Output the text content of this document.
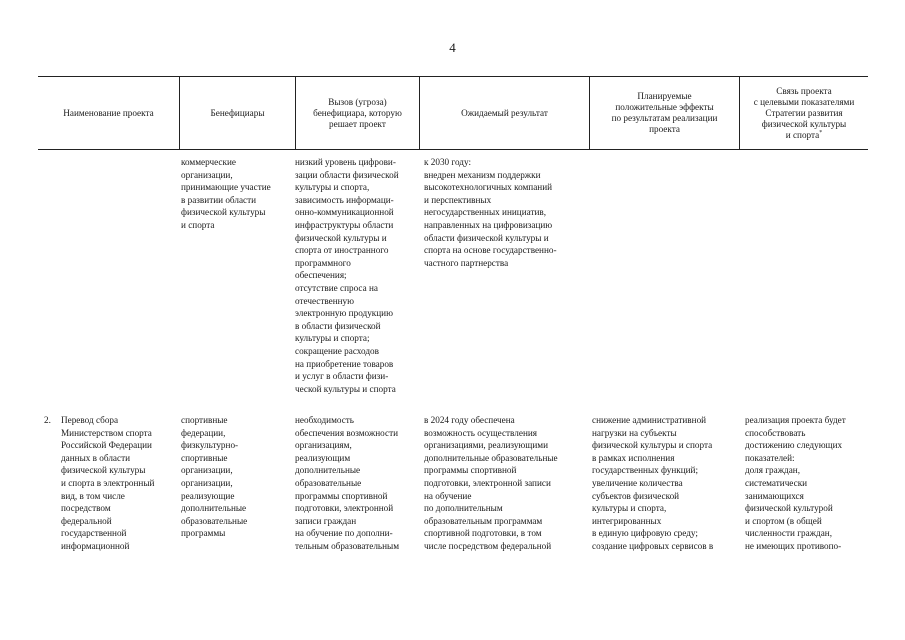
4
Наименование проекта	Бенефициары
Вызов (угроза)
бенефициара, которую
решает проект
Ожидаемый результат
Планируемые
положительные эффекты
по результатам реализации
проекта
Связь проекта
с целевыми показателями
Стратегии развития
физической культуры
и спорта*
коммерческие
организации,
принимающие участие
в развитии области
физической культуры
и спорта
низкий уровень цифрови-
зации области физической
культуры и спорта,
зависимость информаци-
онно-коммуникационной
инфраструктуры области
физической культуры и
спорта от иностранного
программного
обеспечения;
отсутствие спроса на
отечественную
электронную продукцию
в области физической
культуры и спорта;
сокращение расходов
на приобретение товаров
и услуг в области физи-
ческой культуры и спорта
к 2030 году:
внедрен механизм поддержки
высокотехнологичных компаний
и перспективных
негосударственных инициатив,
направленных на цифровизацию
области физической культуры и
спорта на основе государственно-
частного партнерства
2. Перевод сбора
Министерством спорта
Российской Федерации
данных в области
физической культуры
и спорта в электронный
вид, в том числе
посредством
федеральной
государственной
информационной
спортивные
федерации,
физкультурно-
спортивные
организации,
организации,
реализующие
дополнительные
образовательные
программы
необходимость
обеспечения возможности
организациям,
реализующим
дополнительные
образовательные
программы спортивной
подготовки, электронной
записи граждан
на обучение по дополни-
тельным образовательным
в 2024 году обеспечена
возможность осуществления
организациями, реализующими
дополнительные образовательные
программы спортивной
подготовки, электронной записи
на обучение
по дополнительным
образовательным программам
спортивной подготовки, в том
числе посредством федеральной
снижение административной
нагрузки на субъекты
физической культуры и спорта
в рамках исполнения
государственных функций;
увеличение количества
субъектов физической
культуры и спорта,
интегрированных
в единую цифровую среду;
создание цифровых сервисов в
реализация проекта будет
способствовать
достижению следующих
показателей:
доля граждан,
систематически
занимающихся
физической культурой
и спортом (в общей
численности граждан,
не имеющих противопо-
